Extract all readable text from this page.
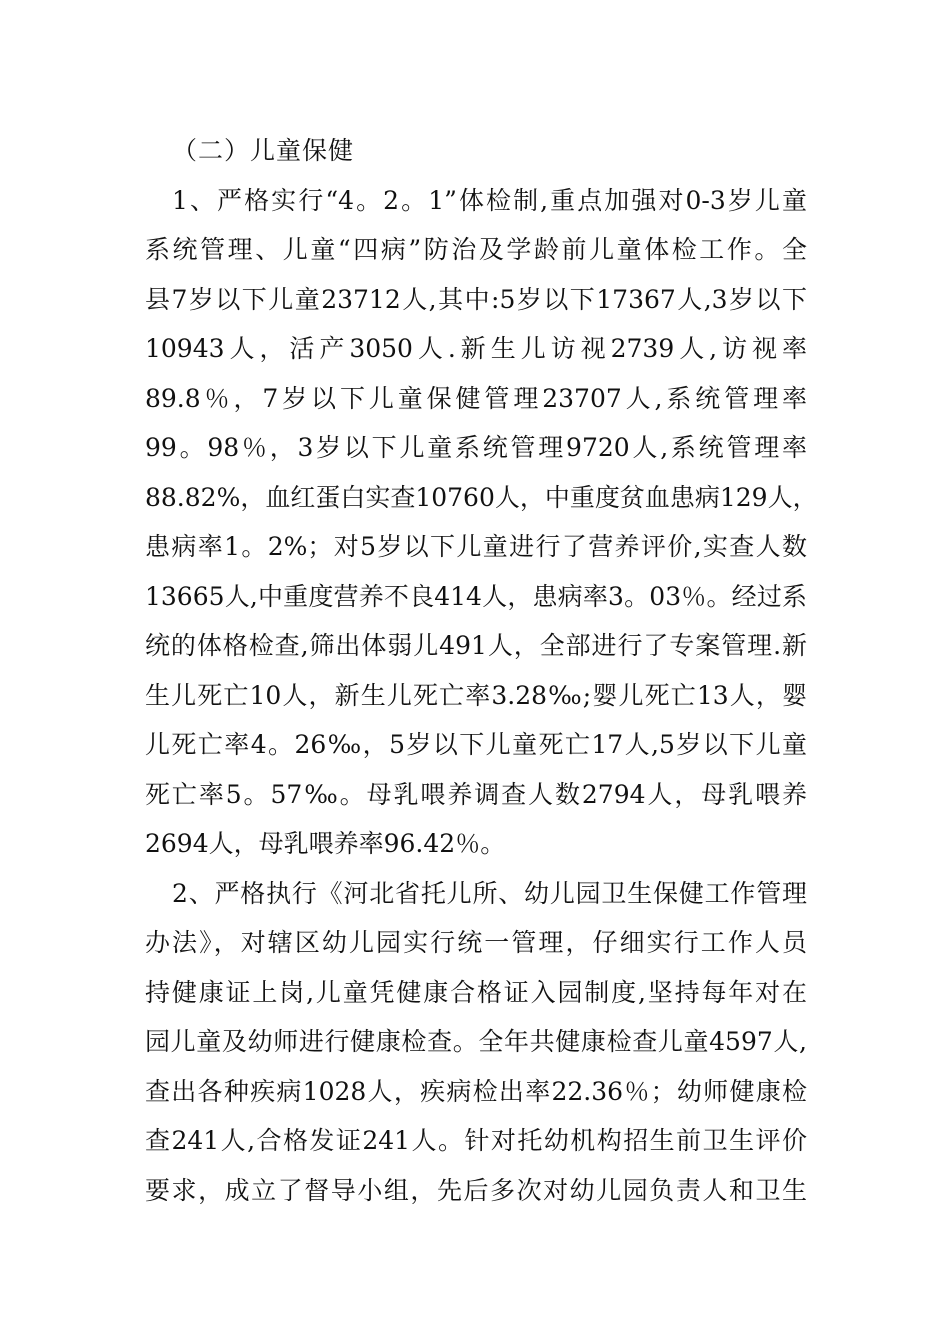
（二）儿童保健
1、严格实行“4。2。1”体检制,重点加强对0-3岁儿童
系统管理、儿童“四病”防治及学龄前儿童体检工作。全
县7岁以下儿童23712人,其中:5岁以下17367人,3岁以下
10943人，活产3050人.新生儿访视2739人,访视率
89.8％，7岁以下儿童保健管理23707人,系统管理率
99。98％，3岁以下儿童系统管理9720人,系统管理率
88.82%，血红蛋白实查10760人，中重度贫血患病129人，
患病率1。2%；对5岁以下儿童进行了营养评价,实查人数
13665人,中重度营养不良414人，患病率3。03％。经过系
统的体格检查,筛出体弱儿491人，全部进行了专案管理.新
生儿死亡10人，新生儿死亡率3.28‰;婴儿死亡13人，婴
儿死亡率4。26‰，5岁以下儿童死亡17人,5岁以下儿童
死亡率5。57‰。母乳喂养调查人数2794人，母乳喂养
2694人，母乳喂养率96.42％。
2、严格执行《河北省托儿所、幼儿园卫生保健工作管理
办法》，对辖区幼儿园实行统一管理，仔细实行工作人员
持健康证上岗,儿童凭健康合格证入园制度,坚持每年对在
园儿童及幼师进行健康检查。全年共健康检查儿童4597人,
查出各种疾病1028人，疾病检出率22.36％；幼师健康检
查241人,合格发证241人。针对托幼机构招生前卫生评价
要求，成立了督导小组，先后多次对幼儿园负责人和卫生
